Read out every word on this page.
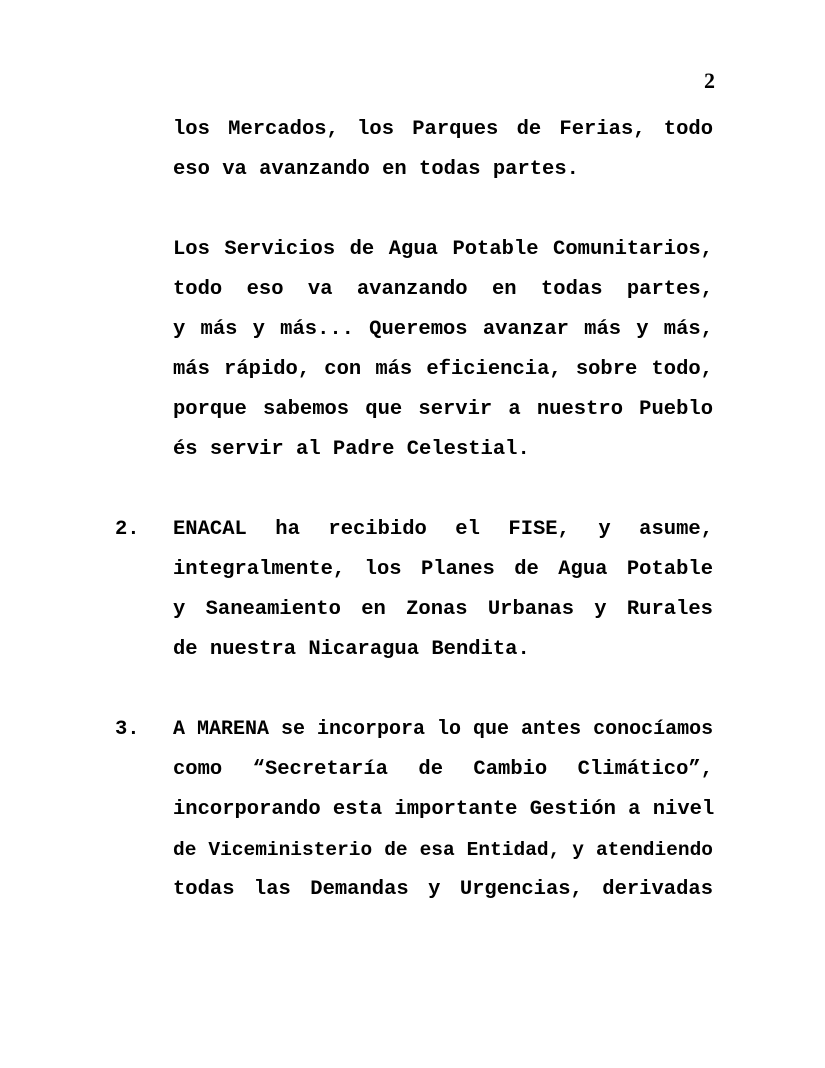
2
los Mercados, los Parques de Ferias, todo
eso va avanzando en todas partes.
Los Servicios de Agua Potable Comunitarios,
todo eso va avanzando en todas partes,
y más y más... Queremos avanzar más y más,
más rápido, con más eficiencia, sobre todo,
porque sabemos que servir a nuestro Pueblo
és servir al Padre Celestial.
2. ENACAL ha recibido el FISE, y asume,
integralmente, los Planes de Agua Potable
y Saneamiento en Zonas Urbanas y Rurales
de nuestra Nicaragua Bendita.
3. A MARENA se incorpora lo que antes conocíamos
como “Secretaría de Cambio Climático”,
incorporando esta importante Gestión a nivel
de Viceministerio de esa Entidad, y atendiendo
todas las Demandas y Urgencias, derivadas
